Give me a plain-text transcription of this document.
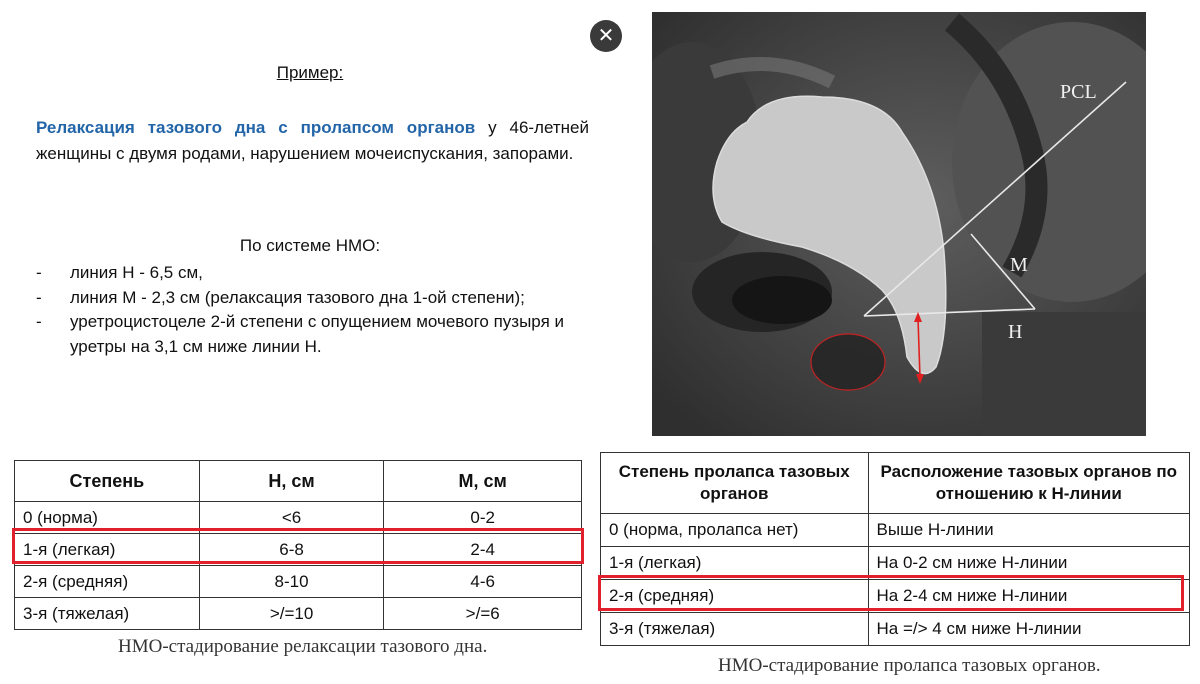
✕
Пример:
Релаксация тазового дна с пролапсом органов у 46-летней женщины с двумя родами, нарушением мочеиспускания, запорами.
По системе НМО:
- линия Н - 6,5 см,
- линия М - 2,3 см (релаксация тазового дна 1-ой степени);
- уретроцистоцеле 2-й степени с опущением мочевого пузыря и уретры на 3,1 см ниже линии Н.
PCL
M
H
Степень	Н, см	М, см
0 (норма)	<6	0-2
1-я (легкая)	6-8	2-4
2-я (средняя)	8-10	4-6
3-я (тяжелая)	>/=10	>/=6
НМО-стадирование релаксации тазового дна.
Степень пролапса тазовых органов	Расположение тазовых органов по отношению к Н-линии
0 (норма, пролапса нет)	Выше Н-линии
1-я (легкая)	На 0-2 см ниже Н-линии
2-я (средняя)	На 2-4 см ниже Н-линии
3-я (тяжелая)	На =/> 4 см ниже Н-линии
НМО-стадирование пролапса тазовых органов.
